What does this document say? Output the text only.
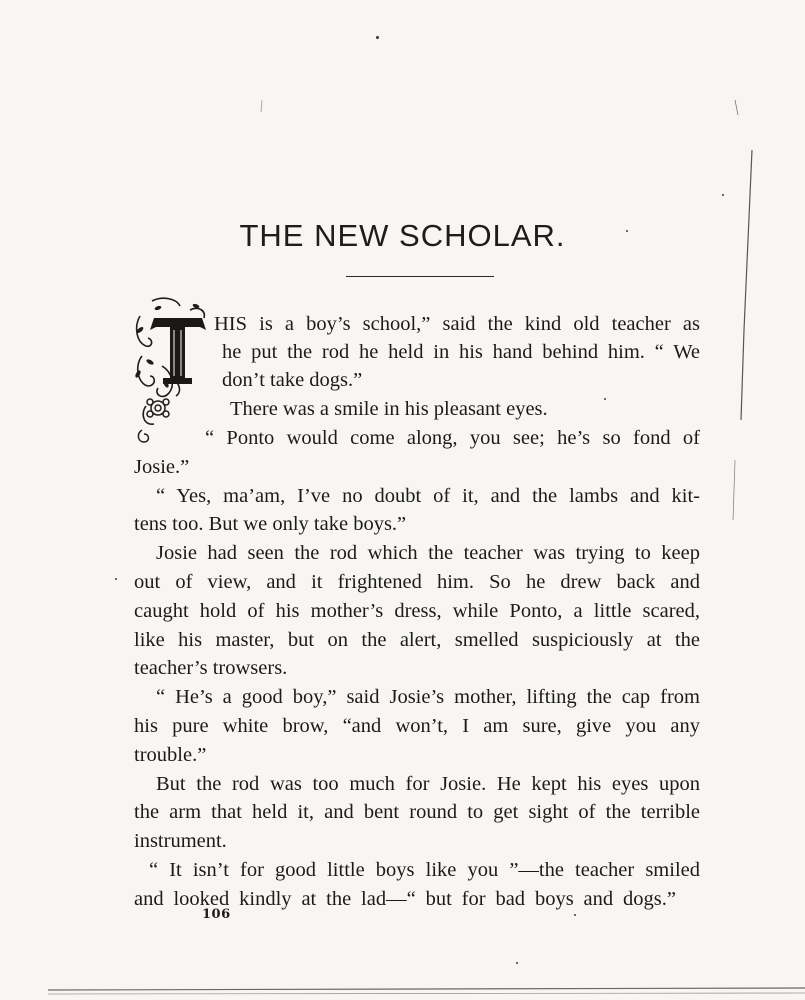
THE NEW SCHOLAR.
HIS is a boy’s school,” said the kind old teacher as
he put the rod he held in his hand behind him. “ We
don’t take dogs.”
There was a smile in his pleasant eyes.
“ Ponto would come along, you see; he’s so fond of
Josie.”
“ Yes, ma’am, I’ve no doubt of it, and the lambs and kit-
tens too. But we only take boys.”
Josie had seen the rod which the teacher was trying to keep
out of view, and it frightened him. So he drew back and
caught hold of his mother’s dress, while Ponto, a little scared,
like his master, but on the alert, smelled suspiciously at the
teacher’s trowsers.
“ He’s a good boy,” said Josie’s mother, lifting the cap from
his pure white brow, “and won’t, I am sure, give you any
trouble.”
But the rod was too much for Josie. He kept his eyes upon
the arm that held it, and bent round to get sight of the terrible
instrument.
“ It isn’t for good little boys like you ”—the teacher smiled
and looked kindly at the lad—“ but for bad boys and dogs.”
106
